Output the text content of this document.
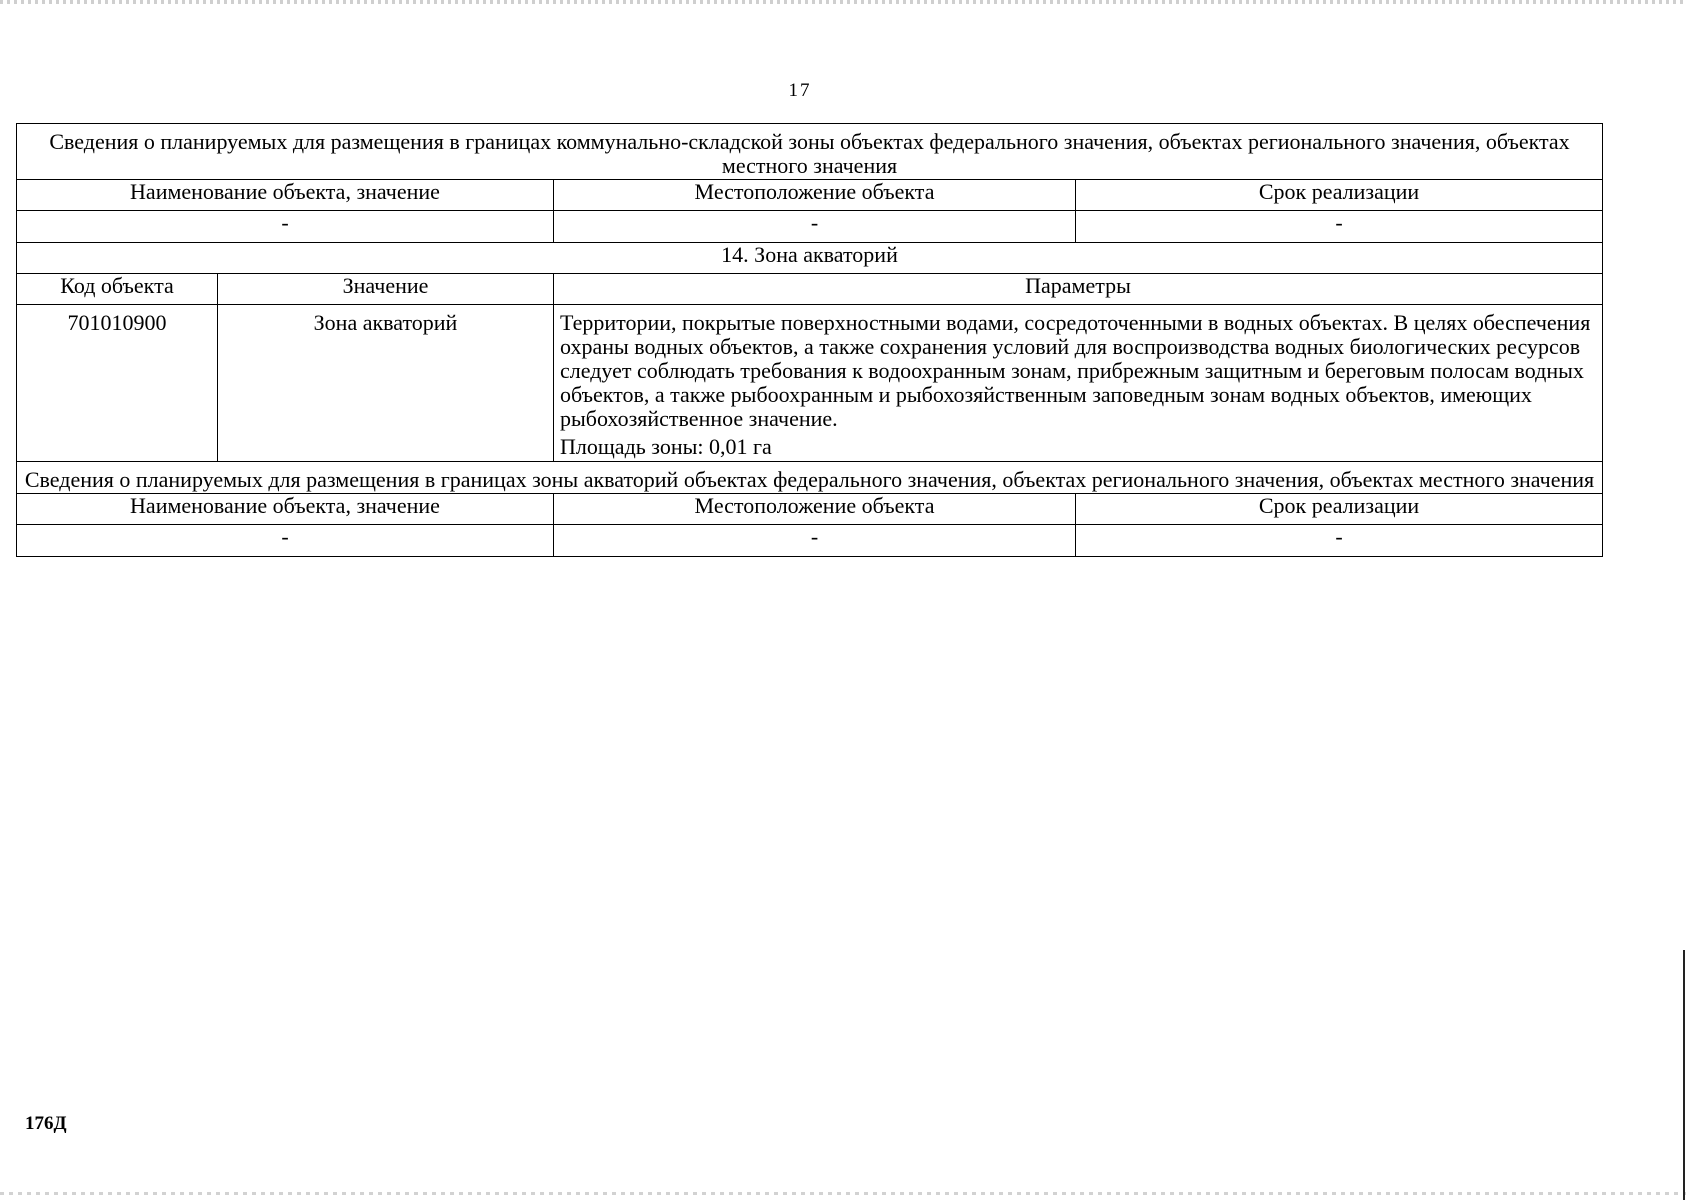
17
Сведения о планируемых для размещения в границах коммунально-складской зоны объектах федерального значения, объектах регионального значения, объектах местного значения			
Наименование объекта, значение		Местоположение объекта	Срок реализации
-		-	-
14. Зона акваторий			
Код объекта	Значение	Параметры	
701010900	Зона акваторий	Территории, покрытые поверхностными водами, сосредоточенными в водных объектах. В целях обеспечения охраны водных объектов, а также сохранения условий для воспроизводства водных биологических ресурсов следует соблюдать требования к водоохранным зонам, прибрежным защитным и береговым полосам водных объектов, а также рыбоохранным и рыбохозяйственным заповедным зонам водных объектов, имеющих рыбохозяйственное значение.
Площадь зоны: 0,01 га	

Сведения о планируемых для размещения в границах зоны акваторий объектах федерального значения, объектах регионального значения, объектах местного значения			
Наименование объекта, значение		Местоположение объекта	Срок реализации
-		-	-
176Д
